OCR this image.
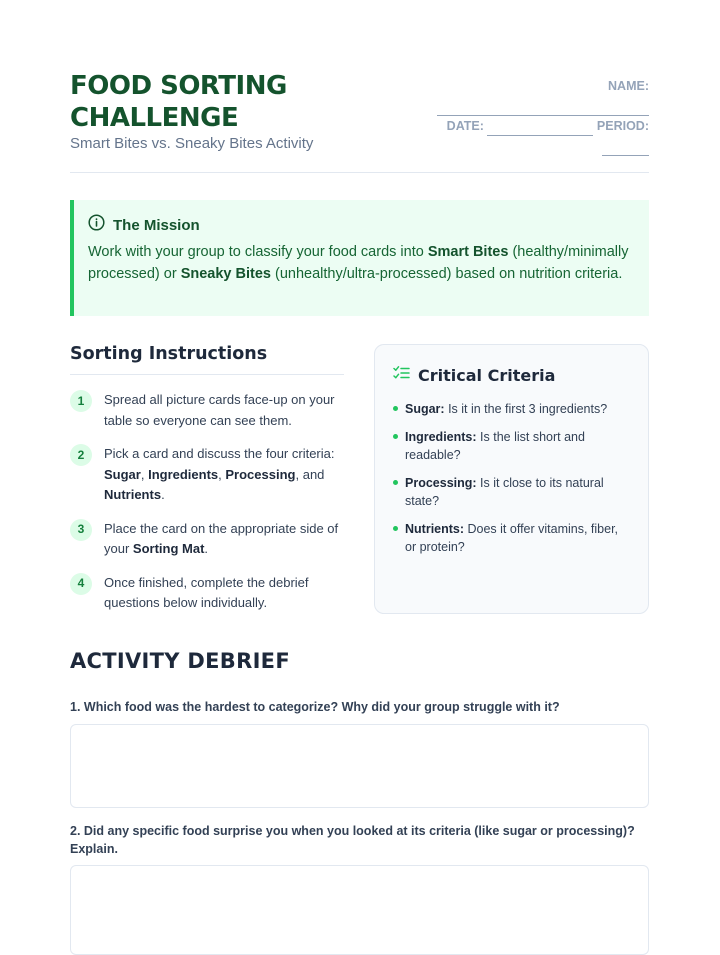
FOOD SORTING
CHALLENGE
Smart Bites vs. Sneaky Bites Activity
NAME:
DATE:	PERIOD:
The Mission
Work with your group to classify your food cards into Smart Bites (healthy/minimally processed) or Sneaky Bites (unhealthy/ultra-processed) based on nutrition criteria.
Sorting Instructions
1	Spread all picture cards face-up on your table so everyone can see them.
2	Pick a card and discuss the four criteria: Sugar, Ingredients, Processing, and Nutrients.
3	Place the card on the appropriate side of your Sorting Mat.
4	Once finished, complete the debrief questions below individually.
Critical Criteria
Sugar: Is it in the first 3 ingredients?
Ingredients: Is the list short and readable?
Processing: Is it close to its natural state?
Nutrients: Does it offer vitamins, fiber, or protein?
ACTIVITY DEBRIEF
1. Which food was the hardest to categorize? Why did your group struggle with it?
2. Did any specific food surprise you when you looked at its criteria (like sugar or processing)? Explain.
